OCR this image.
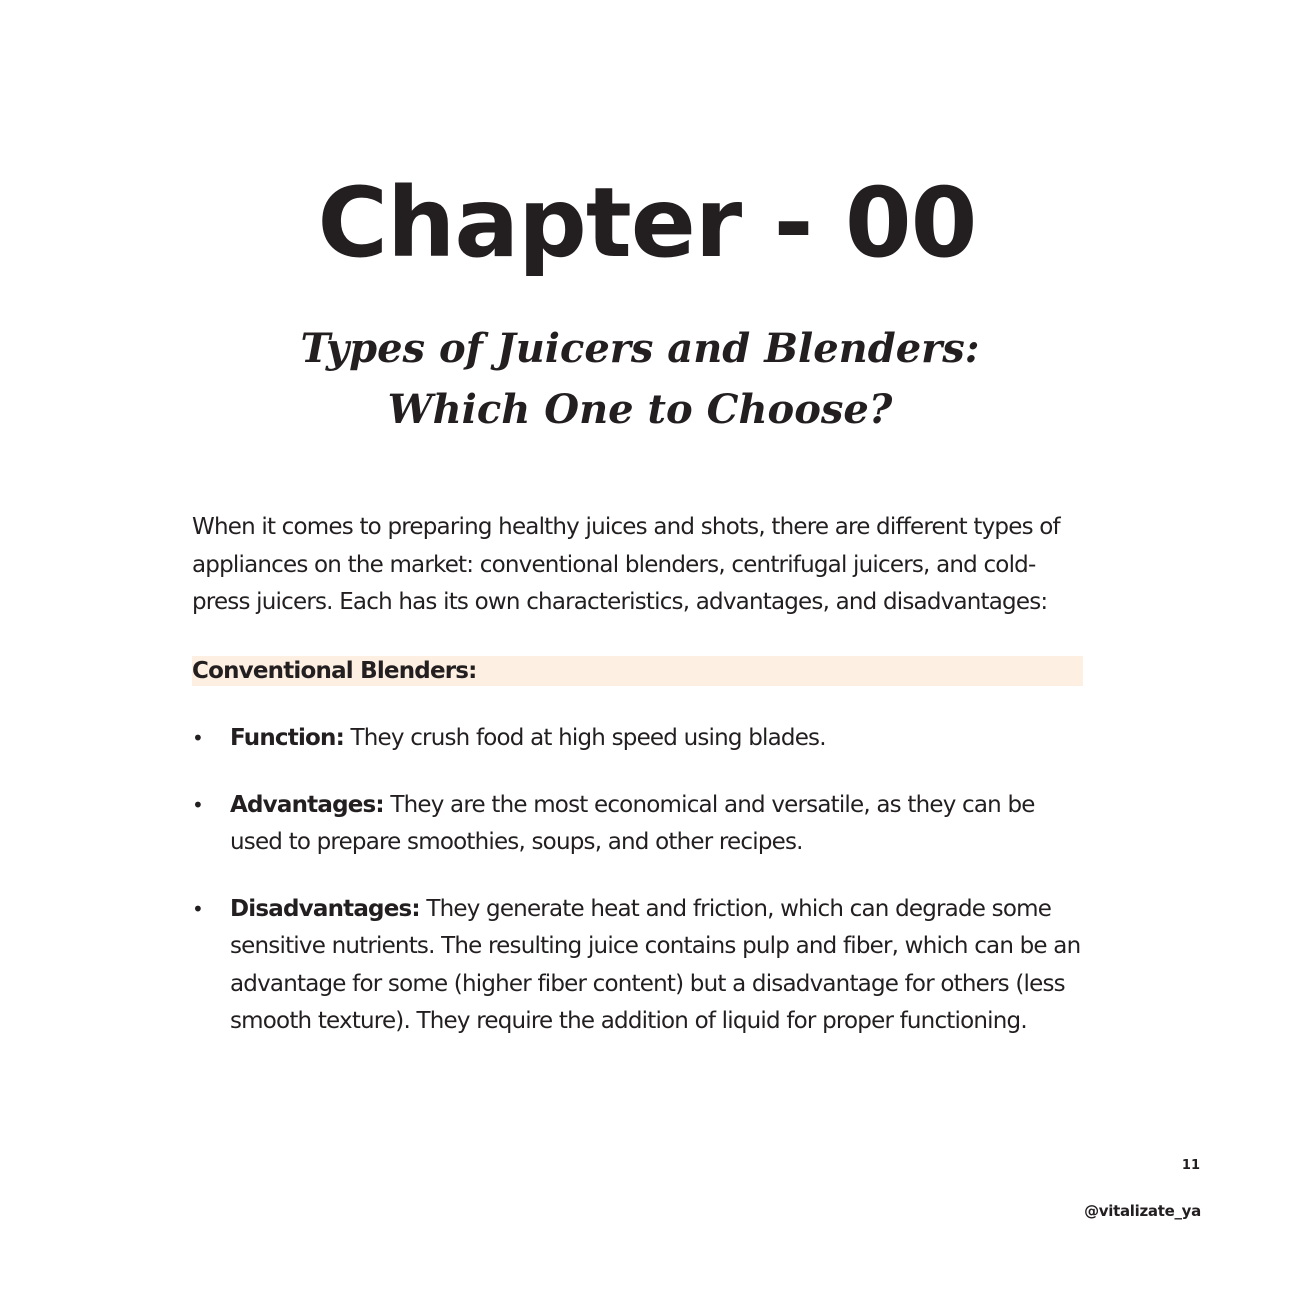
Chapter - 00
Types of Juicers and Blenders: Which One to Choose?

When it comes to preparing healthy juices and shots, there are different types of appliances on the market: conventional blenders, centrifugal juicers, and cold-press juicers. Each has its own characteristics, advantages, and disadvantages:

Conventional Blenders:
• Function: They crush food at high speed using blades.
• Advantages: They are the most economical and versatile, as they can be used to prepare smoothies, soups, and other recipes.
• Disadvantages: They generate heat and friction, which can degrade some sensitive nutrients. The resulting juice contains pulp and fiber, which can be an advantage for some (higher fiber content) but a disadvantage for others (less smooth texture). They require the addition of liquid for proper functioning.
11
@vitalizate_ya
